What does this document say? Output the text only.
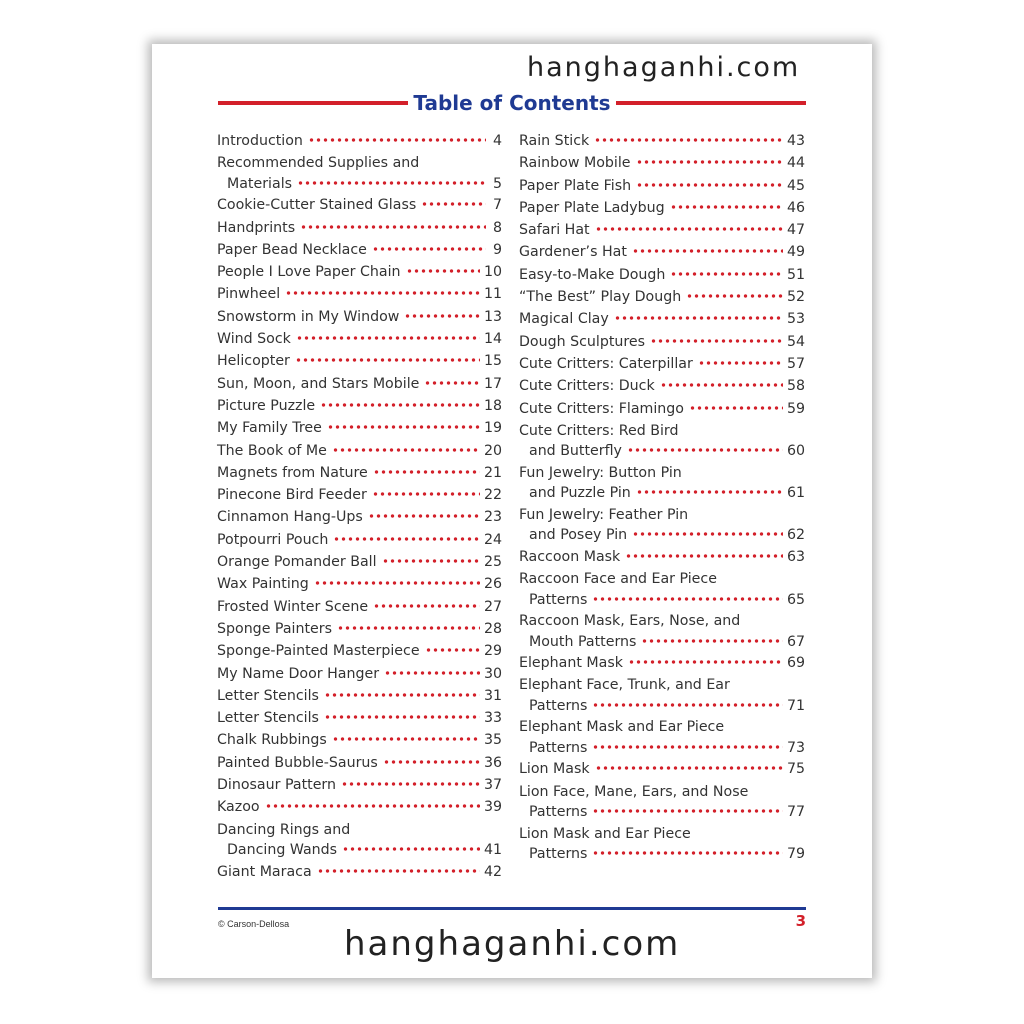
hanghaganhi.com
Table of Contents
Introduction	4
Recommended Supplies and
Materials	5
Cookie-Cutter Stained Glass	7
Handprints	8
Paper Bead Necklace	9
People I Love Paper Chain	10
Pinwheel	11
Snowstorm in My Window	13
Wind Sock	14
Helicopter	15
Sun, Moon, and Stars Mobile	17
Picture Puzzle	18
My Family Tree	19
The Book of Me	20
Magnets from Nature	21
Pinecone Bird Feeder	22
Cinnamon Hang-Ups	23
Potpourri Pouch	24
Orange Pomander Ball	25
Wax Painting	26
Frosted Winter Scene	27
Sponge Painters	28
Sponge-Painted Masterpiece	29
My Name Door Hanger	30
Letter Stencils	31
Letter Stencils	33
Chalk Rubbings	35
Painted Bubble-Saurus	36
Dinosaur Pattern	37
Kazoo	39
Dancing Rings and
Dancing Wands	41
Giant Maraca	42
Rain Stick	43
Rainbow Mobile	44
Paper Plate Fish	45
Paper Plate Ladybug	46
Safari Hat	47
Gardener’s Hat	49
Easy-to-Make Dough	51
“The Best” Play Dough	52
Magical Clay	53
Dough Sculptures	54
Cute Critters: Caterpillar	57
Cute Critters: Duck	58
Cute Critters: Flamingo	59
Cute Critters: Red Bird
and Butterfly	60
Fun Jewelry: Button Pin
and Puzzle Pin	61
Fun Jewelry: Feather Pin
and Posey Pin	62
Raccoon Mask	63
Raccoon Face and Ear Piece
Patterns	65
Raccoon Mask, Ears, Nose, and
Mouth Patterns	67
Elephant Mask	69
Elephant Face, Trunk, and Ear
Patterns	71
Elephant Mask and Ear Piece
Patterns	73
Lion Mask	75
Lion Face, Mane, Ears, and Nose
Patterns	77
Lion Mask and Ear Piece
Patterns	79
© Carson-Dellosa	3
hanghaganhi.com
